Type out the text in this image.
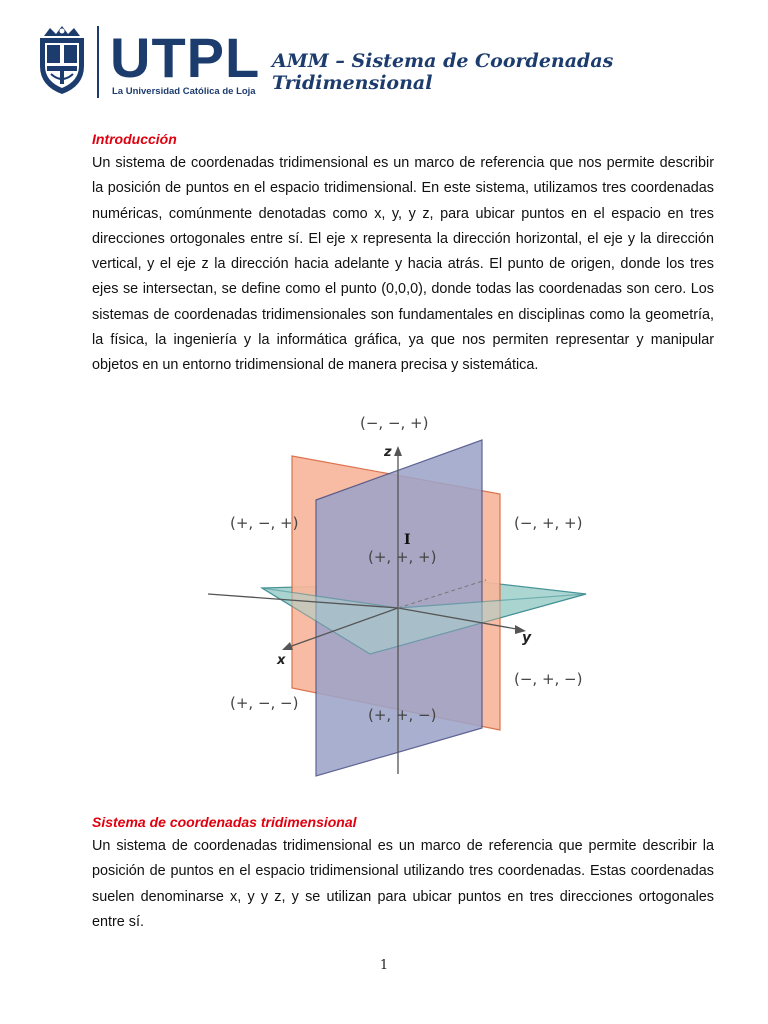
UTPL
La Universidad Católica de Loja
AMM – Sistema de Coordenadas Tridimensional
Introducción
Un sistema de coordenadas tridimensional es un marco de referencia que nos permite describir la posición de puntos en el espacio tridimensional. En este sistema, utilizamos tres coordenadas numéricas, comúnmente denotadas como x, y, y z, para ubicar puntos en el espacio en tres direcciones ortogonales entre sí. El eje x representa la dirección horizontal, el eje y la dirección vertical, y el eje z la dirección hacia adelante y hacia atrás. El punto de origen, donde los tres ejes se intersectan, se define como el punto (0,0,0), donde todas las coordenadas son cero. Los sistemas de coordenadas tridimensionales son fundamentales en disciplinas como la geometría, la física, la ingeniería y la informática gráfica, ya que nos permiten representar y manipular objetos en un entorno tridimensional de manera precisa y sistemática.
z
y
x
(−, −, +)
(+, −, +)	(−, +, +)
(+, +, +)
(+, −, −)
(−, +, −)
(+, +, −)
I
Sistema de coordenadas tridimensional
Un sistema de coordenadas tridimensional es un marco de referencia que permite describir la posición de puntos en el espacio tridimensional utilizando tres coordenadas. Estas coordenadas suelen denominarse x, y y z, y se utilizan para ubicar puntos en tres direcciones ortogonales entre sí.
1
